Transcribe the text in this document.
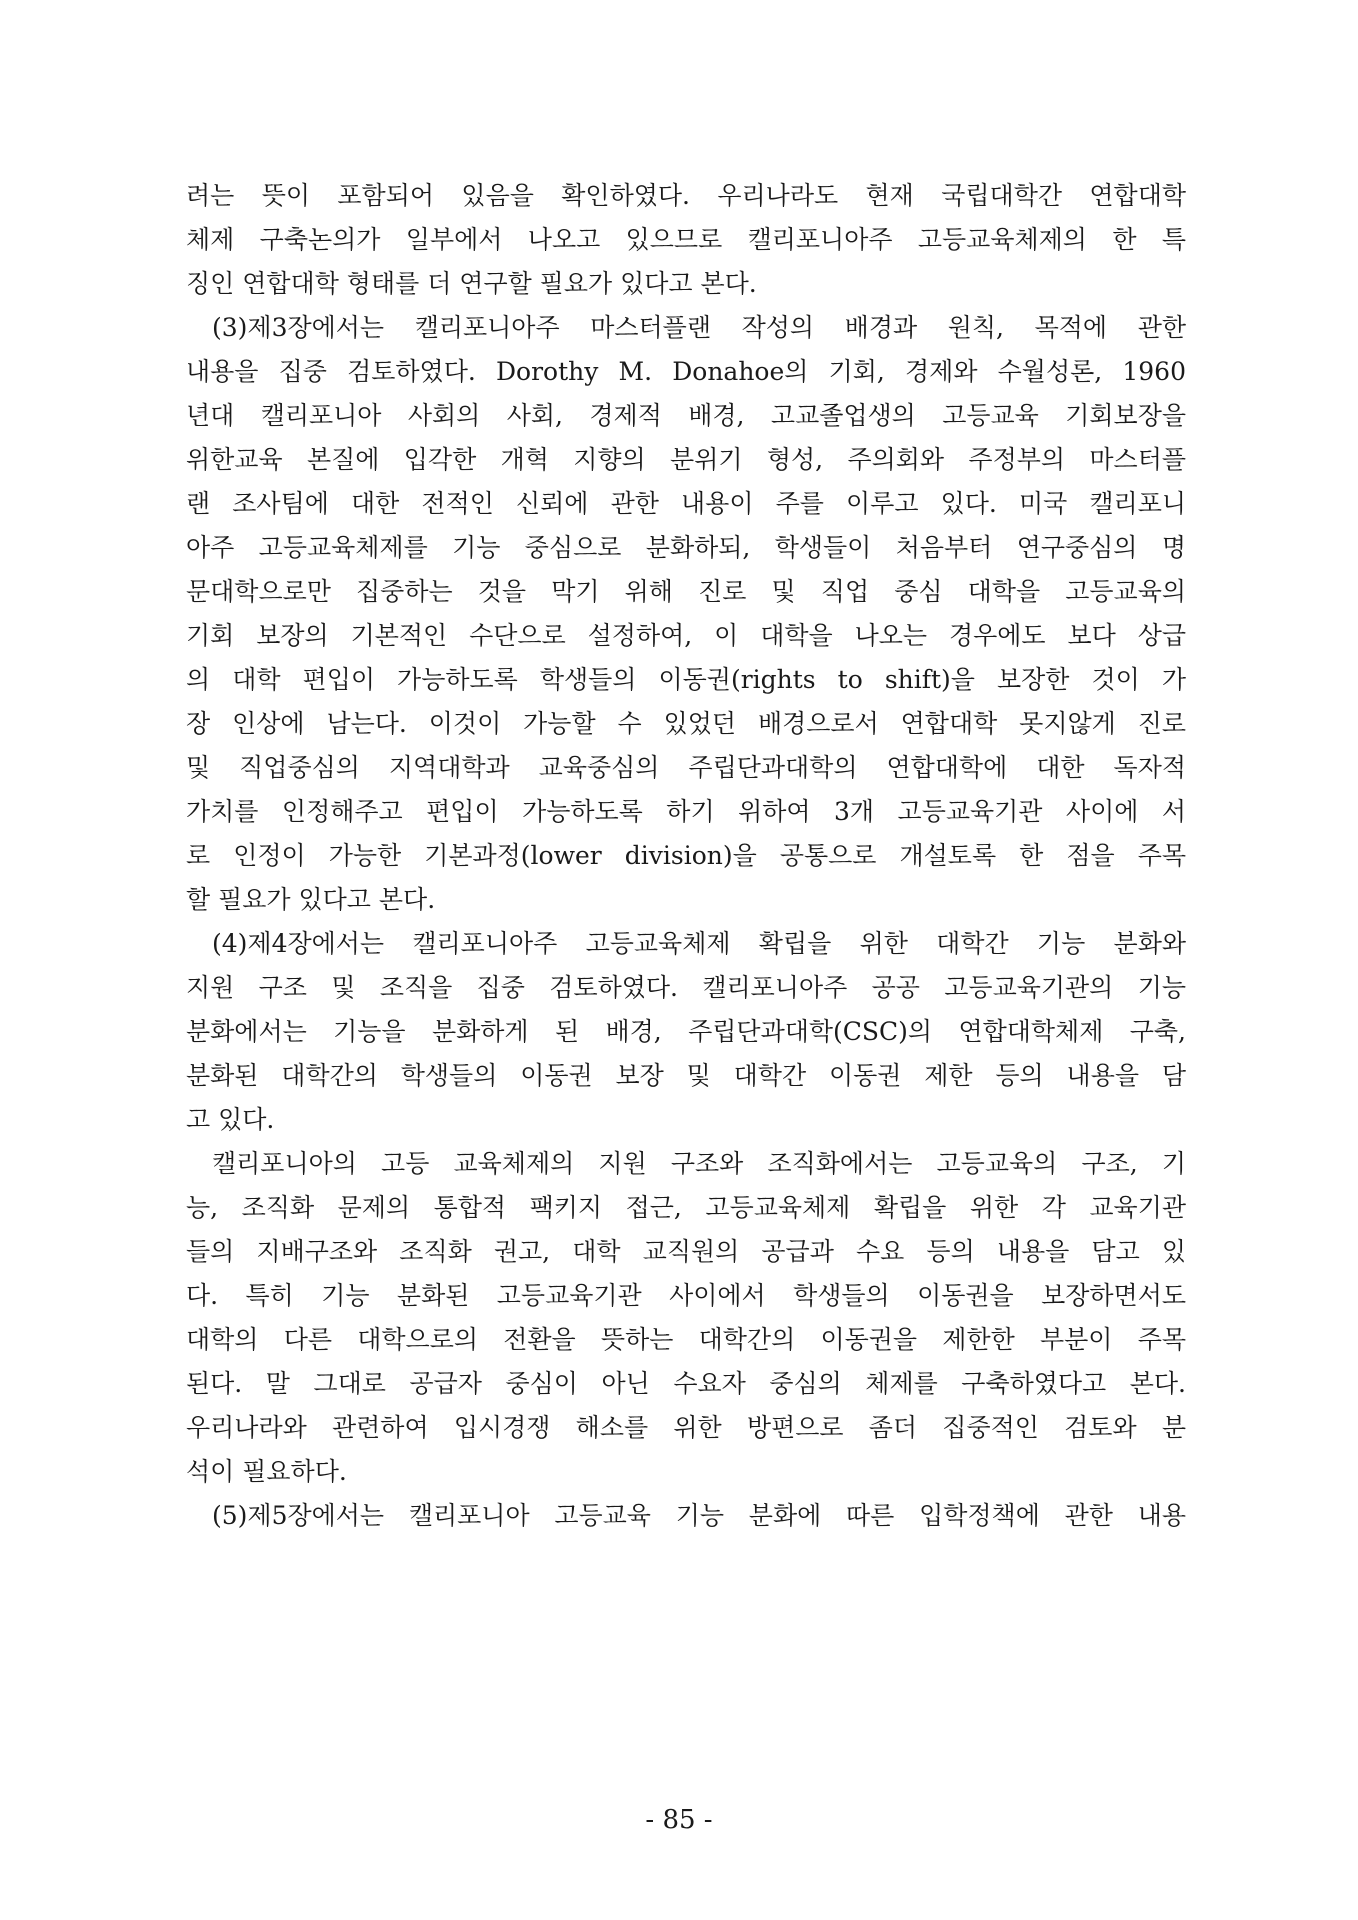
려는 뜻이 포함되어 있음을 확인하였다. 우리나라도 현재 국립대학간 연합대학
체제 구축논의가 일부에서 나오고 있으므로 캘리포니아주 고등교육체제의 한 특
징인 연합대학 형태를 더 연구할 필요가 있다고 본다.
(3)제3장에서는 캘리포니아주 마스터플랜 작성의 배경과 원칙, 목적에 관한
내용을 집중 검토하였다. Dorothy M. Donahoe의 기회, 경제와 수월성론, 1960
년대 캘리포니아 사회의 사회, 경제적 배경, 고교졸업생의 고등교육 기회보장을
위한교육 본질에 입각한 개혁 지향의 분위기 형성, 주의회와 주정부의 마스터플
랜 조사팀에 대한 전적인 신뢰에 관한 내용이 주를 이루고 있다. 미국 캘리포니
아주 고등교육체제를 기능 중심으로 분화하되, 학생들이 처음부터 연구중심의 명
문대학으로만 집중하는 것을 막기 위해 진로 및 직업 중심 대학을 고등교육의
기회 보장의 기본적인 수단으로 설정하여, 이 대학을 나오는 경우에도 보다 상급
의 대학 편입이 가능하도록 학생들의 이동권(rights to shift)을 보장한 것이 가
장 인상에 남는다. 이것이 가능할 수 있었던 배경으로서 연합대학 못지않게 진로
및 직업중심의 지역대학과 교육중심의 주립단과대학의 연합대학에 대한 독자적
가치를 인정해주고 편입이 가능하도록 하기 위하여 3개 고등교육기관 사이에 서
로 인정이 가능한 기본과정(lower division)을 공통으로 개설토록 한 점을 주목
할 필요가 있다고 본다.
(4)제4장에서는 캘리포니아주 고등교육체제 확립을 위한 대학간 기능 분화와
지원 구조 및 조직을 집중 검토하였다. 캘리포니아주 공공 고등교육기관의 기능
분화에서는 기능을 분화하게 된 배경, 주립단과대학(CSC)의 연합대학체제 구축,
분화된 대학간의 학생들의 이동권 보장 및 대학간 이동권 제한 등의 내용을 담
고 있다.
캘리포니아의 고등 교육체제의 지원 구조와 조직화에서는 고등교육의 구조, 기
능, 조직화 문제의 통합적 팩키지 접근, 고등교육체제 확립을 위한 각 교육기관
들의 지배구조와 조직화 권고, 대학 교직원의 공급과 수요 등의 내용을 담고 있
다. 특히 기능 분화된 고등교육기관 사이에서 학생들의 이동권을 보장하면서도
대학의 다른 대학으로의 전환을 뜻하는 대학간의 이동권을 제한한 부분이 주목
된다. 말 그대로 공급자 중심이 아닌 수요자 중심의 체제를 구축하였다고 본다.
우리나라와 관련하여 입시경쟁 해소를 위한 방편으로 좀더 집중적인 검토와 분
석이 필요하다.
(5)제5장에서는 캘리포니아 고등교육 기능 분화에 따른 입학정책에 관한 내용
- 85 -
